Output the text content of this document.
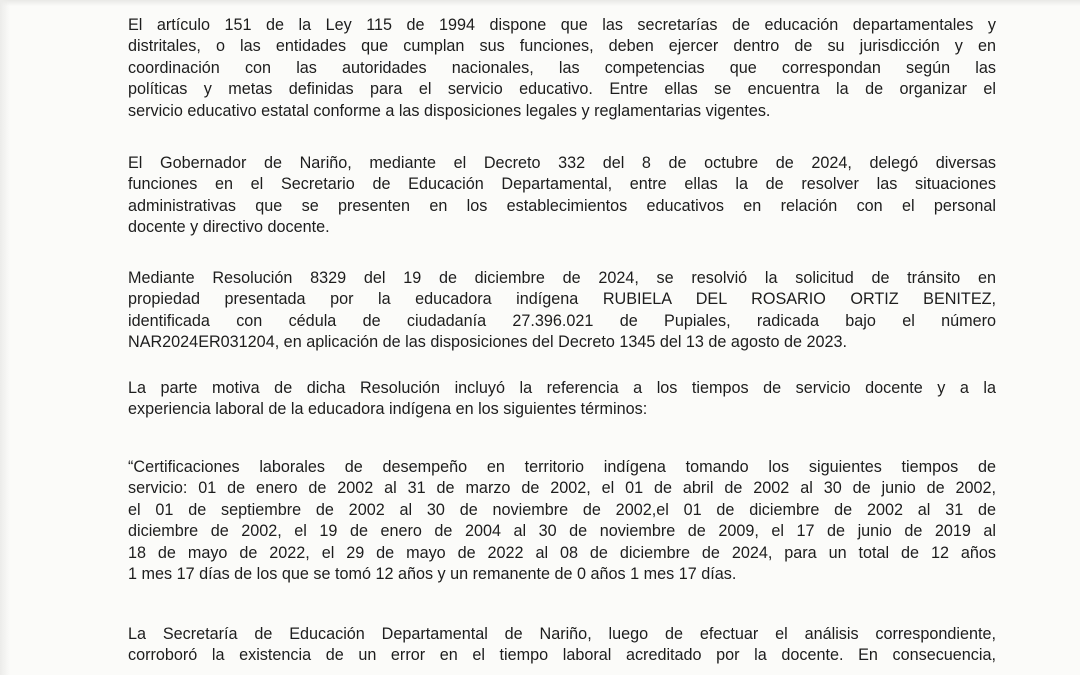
El artículo 151 de la Ley 115 de 1994 dispone que las secretarías de educación departamentales y
distritales, o las entidades que cumplan sus funciones, deben ejercer dentro de su jurisdicción y en
coordinación con las autoridades nacionales, las competencias que correspondan según las
políticas y metas definidas para el servicio educativo. Entre ellas se encuentra la de organizar el
servicio educativo estatal conforme a las disposiciones legales y reglamentarias vigentes.
El Gobernador de Nariño, mediante el Decreto 332 del 8 de octubre de 2024, delegó diversas
funciones en el Secretario de Educación Departamental, entre ellas la de resolver las situaciones
administrativas que se presenten en los establecimientos educativos en relación con el personal
docente y directivo docente.
Mediante Resolución 8329 del 19 de diciembre de 2024, se resolvió la solicitud de tránsito en
propiedad presentada por la educadora indígena RUBIELA DEL ROSARIO ORTIZ BENITEZ,
identificada con cédula de ciudadanía 27.396.021 de Pupiales, radicada bajo el número
NAR2024ER031204, en aplicación de las disposiciones del Decreto 1345 del 13 de agosto de 2023.
La parte motiva de dicha Resolución incluyó la referencia a los tiempos de servicio docente y a la
experiencia laboral de la educadora indígena en los siguientes términos:
“Certificaciones laborales de desempeño en territorio indígena tomando los siguientes tiempos de
servicio: 01 de enero de 2002 al 31 de marzo de 2002, el 01 de abril de 2002 al 30 de junio de 2002,
el 01 de septiembre de 2002 al 30 de noviembre de 2002,el 01 de diciembre de 2002 al 31 de
diciembre de 2002, el 19 de enero de 2004 al 30 de noviembre de 2009, el 17 de junio de 2019 al
18 de mayo de 2022, el 29 de mayo de 2022 al 08 de diciembre de 2024, para un total de 12 años
1 mes 17 días de los que se tomó 12 años y un remanente de 0 años 1 mes 17 días.
La Secretaría de Educación Departamental de Nariño, luego de efectuar el análisis correspondiente,
corroboró la existencia de un error en el tiempo laboral acreditado por la docente. En consecuencia,
